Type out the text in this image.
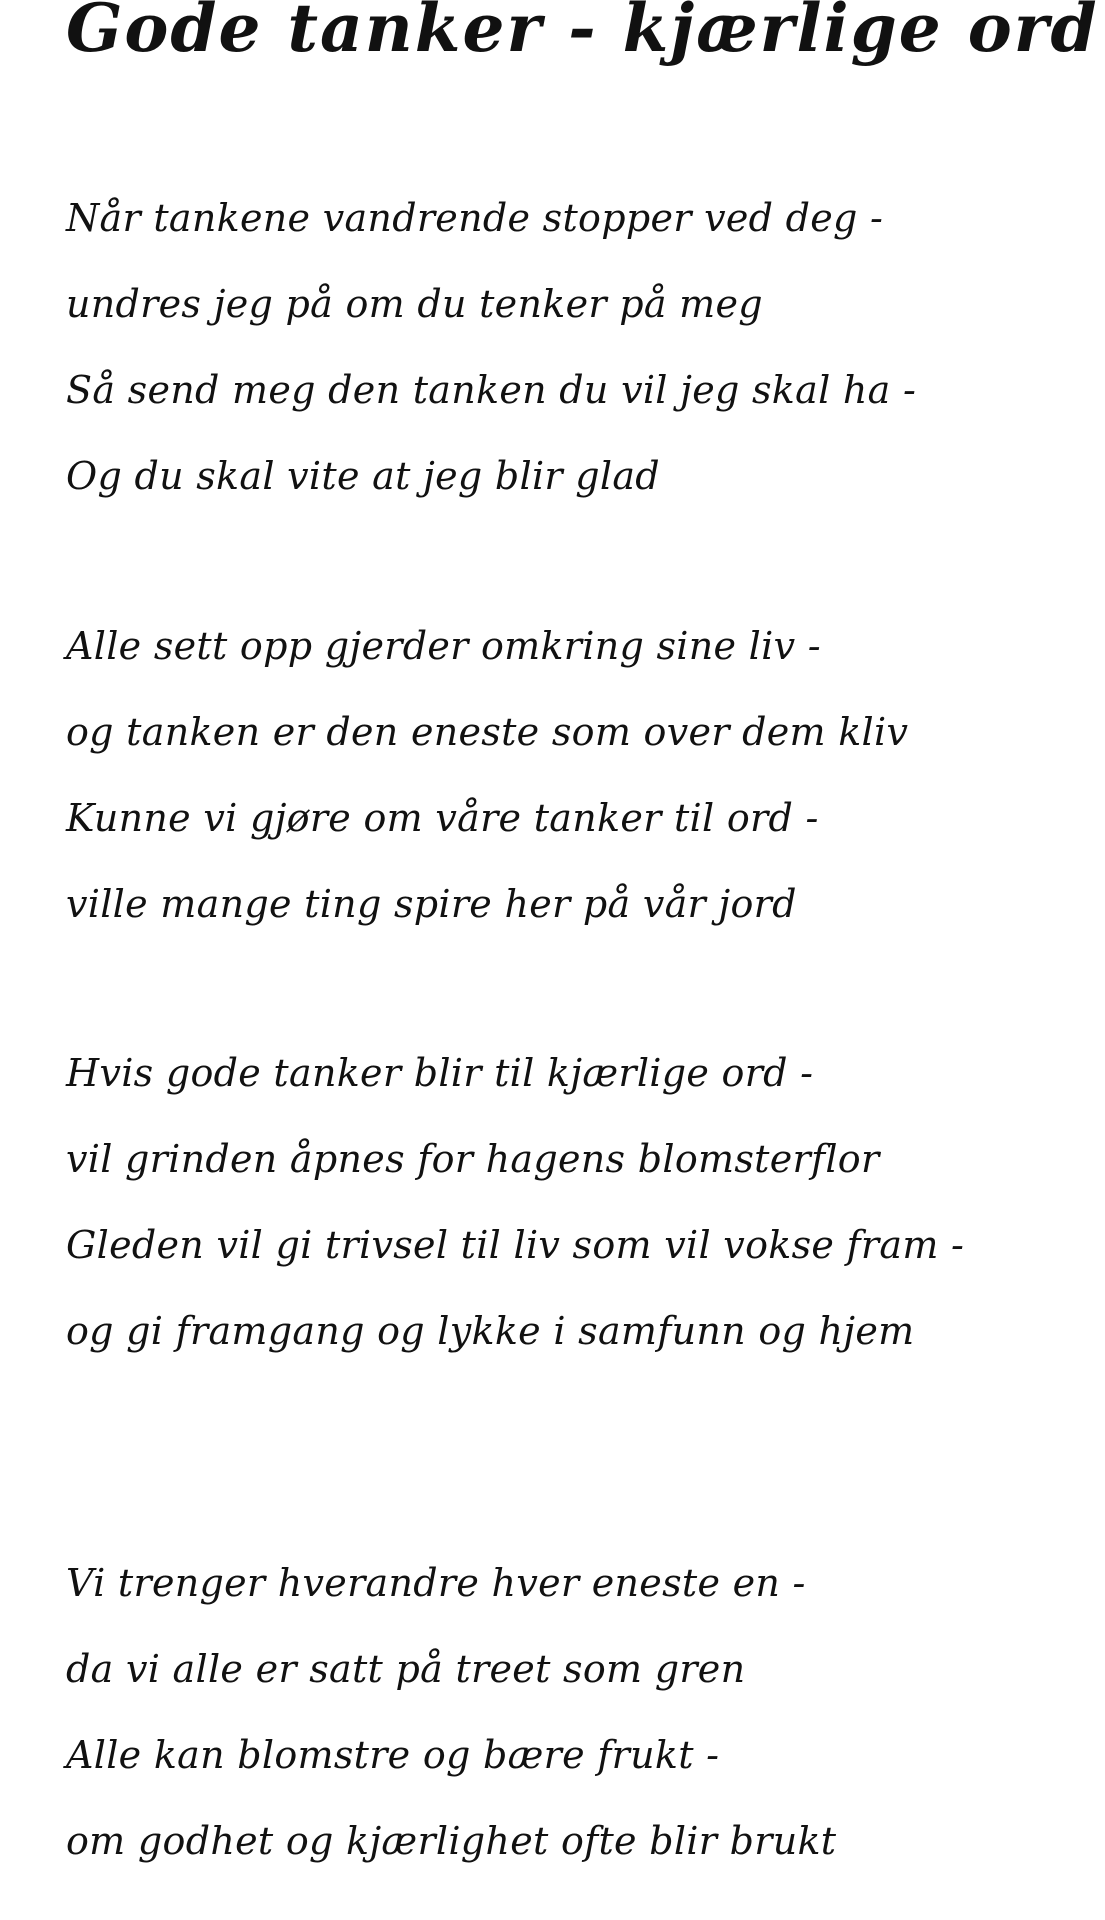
Gode tanker - kjærlige ord
Når tankene vandrende stopper ved deg -
undres jeg på om du tenker på meg
Så send meg den tanken du vil jeg skal ha -
Og du skal vite at jeg blir glad
Alle sett opp gjerder omkring sine liv -
og tanken er den eneste som over dem kliv
Kunne vi gjøre om våre tanker til ord -
ville mange ting spire her på vår jord
Hvis gode tanker blir til kjærlige ord -
vil grinden åpnes for hagens blomsterflor
Gleden vil gi trivsel til liv som vil vokse fram -
og gi framgang og lykke i samfunn og hjem
Vi trenger hverandre hver eneste en -
da vi alle er satt på treet som gren
Alle kan blomstre og bære frukt -
om godhet og kjærlighet ofte blir brukt
